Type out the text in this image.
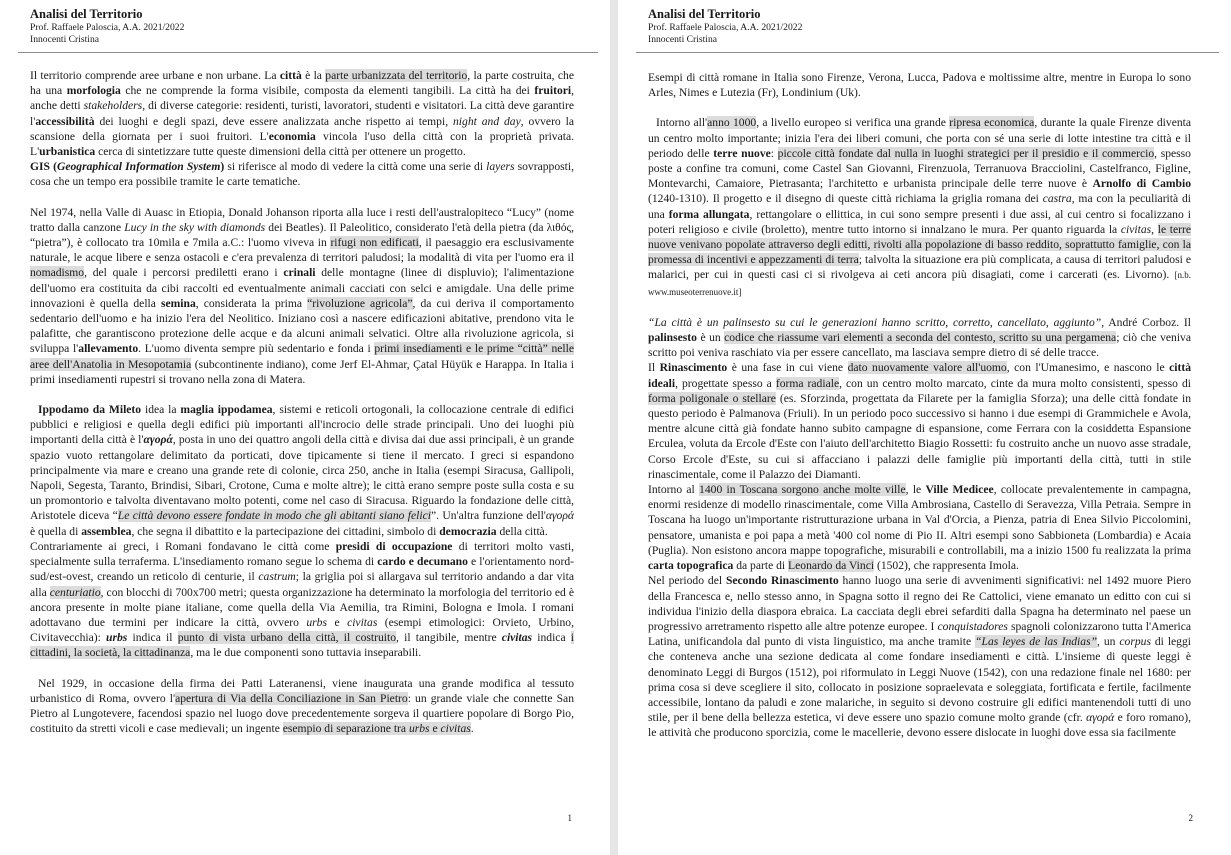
Analisi del Territorio
Prof. Raffaele Paloscia, A.A. 2021/2022
Innocenti Cristina

Il territorio comprende aree urbane e non urbane. La città è la parte urbanizzata del territorio, la parte costruita, che ha una morfologia che ne comprende la forma visibile, composta da elementi tangibili. La città ha dei fruitori, anche detti stakeholders, di diverse categorie: residenti, turisti, lavoratori, studenti e visitatori. La città deve garantire l'accessibilità dei luoghi e degli spazi, deve essere analizzata anche rispetto ai tempi, night and day, ovvero la scansione della giornata per i suoi fruitori. L'economia vincola l'uso della città con la proprietà privata. L'urbanistica cerca di sintetizzare tutte queste dimensioni della città per ottenere un progetto.

GIS (Geographical Information System) si riferisce al modo di vedere la città come una serie di layers sovrapposti, cosa che un tempo era possibile tramite le carte tematiche.

Nel 1974, nella Valle di Auasc in Etiopia, Donald Johanson riporta alla luce i resti dell'australopiteco “Lucy” (nome tratto dalla canzone Lucy in the sky with diamonds dei Beatles). Il Paleolitico, considerato l'età della pietra (da λιθός, “pietra”), è collocato tra 10mila e 7mila a.C.: l'uomo viveva in rifugi non edificati, il paesaggio era esclusivamente naturale, le acque libere e senza ostacoli e c'era prevalenza di territori paludosi; la modalità di vita per l'uomo era il nomadismo, del quale i percorsi prediletti erano i crinali delle montagne (linee di displuvio); l'alimentazione dell'uomo era costituita da cibi raccolti ed eventualmente animali cacciati con selci e amigdale. Una delle prime innovazioni è quella della semina, considerata la prima “rivoluzione agricola”, da cui deriva il comportamento sedentario dell'uomo e ha inizio l'era del Neolitico. Iniziano così a nascere edificazioni abitative, prendono vita le palafitte, che garantiscono protezione delle acque e da alcuni animali selvatici. Oltre alla rivoluzione agricola, si sviluppa l'allevamento. L'uomo diventa sempre più sedentario e fonda i primi insediamenti e le prime “città” nelle aree dell'Anatolia in Mesopotamia (subcontinente indiano), come Jerf El-Ahmar, Çatal Hüyük e Harappa. In Italia i primi insediamenti rupestri si trovano nella zona di Matera.

Ippodamo da Mileto idea la maglia ippodamea, sistemi e reticoli ortogonali, la collocazione centrale di edifici pubblici e religiosi e quella degli edifici più importanti all'incrocio delle strade principali. Uno dei luoghi più importanti della città è l'αγορά, posta in uno dei quattro angoli della città e divisa dai due assi principali, è un grande spazio vuoto rettangolare delimitato da porticati, dove tipicamente si tiene il mercato. I greci si espandono principalmente via mare e creano una grande rete di colonie, circa 250, anche in Italia (esempi Siracusa, Gallipoli, Napoli, Segesta, Taranto, Brindisi, Sibari, Crotone, Cuma e molte altre); le città erano sempre poste sulla costa e su un promontorio e talvolta diventavano molto potenti, come nel caso di Siracusa. Riguardo la fondazione delle città, Aristotele diceva “Le città devono essere fondate in modo che gli abitanti siano felici”. Un'altra funzione dell'αγορά è quella di assemblea, che segna il dibattito e la partecipazione dei cittadini, simbolo di democrazia della città.

Contrariamente ai greci, i Romani fondavano le città come presidi di occupazione di territori molto vasti, specialmente sulla terraferma. L'insediamento romano segue lo schema di cardo e decumano e l'orientamento nord-sud/est-ovest, creando un reticolo di centurie, il castrum; la griglia poi si allargava sul territorio andando a dar vita alla centuriatio, con blocchi di 700x700 metri; questa organizzazione ha determinato la morfologia del territorio ed è ancora presente in molte piane italiane, come quella della Via Aemilia, tra Rimini, Bologna e Imola. I romani adottavano due termini per indicare la città, ovvero urbs e civitas (esempi etimologici: Orvieto, Urbino, Civitavecchia): urbs indica il punto di vista urbano della città, il costruito, il tangibile, mentre civitas indica i cittadini, la società, la cittadinanza, ma le due componenti sono tuttavia inseparabili.

Nel 1929, in occasione della firma dei Patti Lateranensi, viene inaugurata una grande modifica al tessuto urbanistico di Roma, ovvero l'apertura di Via della Conciliazione in San Pietro: un grande viale che connette San Pietro al Lungotevere, facendosi spazio nel luogo dove precedentemente sorgeva il quartiere popolare di Borgo Pio, costituito da stretti vicoli e case medievali; un ingente esempio di separazione tra urbs e civitas.

1
Analisi del Territorio
Prof. Raffaele Paloscia, A.A. 2021/2022
Innocenti Cristina

Esempi di città romane in Italia sono Firenze, Verona, Lucca, Padova e moltissime altre, mentre in Europa lo sono Arles, Nimes e Lutezia (Fr), Londinium (Uk).

Intorno all'anno 1000, a livello europeo si verifica una grande ripresa economica, durante la quale Firenze diventa un centro molto importante; inizia l'era dei liberi comuni, che porta con sé una serie di lotte intestine tra città e il periodo delle terre nuove: piccole città fondate dal nulla in luoghi strategici per il presidio e il commercio, spesso poste a confine tra comuni, come Castel San Giovanni, Firenzuola, Terranuova Bracciolini, Castelfranco, Figline, Montevarchi, Camaiore, Pietrasanta; l'architetto e urbanista principale delle terre nuove è Arnolfo di Cambio (1240-1310). Il progetto e il disegno di queste città richiama la griglia romana dei castra, ma con la peculiarità di una forma allungata, rettangolare o ellittica, in cui sono sempre presenti i due assi, al cui centro si focalizzano i poteri religioso e civile (broletto), mentre tutto intorno si innalzano le mura. Per quanto riguarda la civitas, le terre nuove venivano popolate attraverso degli editti, rivolti alla popolazione di basso reddito, soprattutto famiglie, con la promessa di incentivi e appezzamenti di terra; talvolta la situazione era più complicata, a causa di territori paludosi e malarici, per cui in questi casi ci si rivolgeva ai ceti ancora più disagiati, come i carcerati (es. Livorno). [n.b. www.museoterrenuove.it]

“La città è un palinsesto su cui le generazioni hanno scritto, corretto, cancellato, aggiunto”, André Corboz. Il palinsesto è un codice che riassume vari elementi a seconda del contesto, scritto su una pergamena; ciò che veniva scritto poi veniva raschiato via per essere cancellato, ma lasciava sempre dietro di sé delle tracce.

Il Rinascimento è una fase in cui viene dato nuovamente valore all'uomo, con l'Umanesimo, e nascono le città ideali, progettate spesso a forma radiale, con un centro molto marcato, cinte da mura molto consistenti, spesso di forma poligonale o stellare (es. Sforzinda, progettata da Filarete per la famiglia Sforza); una delle città fondate in questo periodo è Palmanova (Friuli). In un periodo poco successivo si hanno i due esempi di Grammichele e Avola, mentre alcune città già fondate hanno subito campagne di espansione, come Ferrara con la cosiddetta Espansione Erculea, voluta da Ercole d'Este con l'aiuto dell'architetto Biagio Rossetti: fu costruito anche un nuovo asse stradale, Corso Ercole d'Este, su cui si affacciano i palazzi delle famiglie più importanti della città, tutti in stile rinascimentale, come il Palazzo dei Diamanti.

Intorno al 1400 in Toscana sorgono anche molte ville, le Ville Medicee, collocate prevalentemente in campagna, enormi residenze di modello rinascimentale, come Villa Ambrosiana, Castello di Seravezza, Villa Petraia. Sempre in Toscana ha luogo un'importante ristrutturazione urbana in Val d'Orcia, a Pienza, patria di Enea Silvio Piccolomini, pensatore, umanista e poi papa a metà '400 col nome di Pio II. Altri esempi sono Sabbioneta (Lombardia) e Acaia (Puglia). Non esistono ancora mappe topografiche, misurabili e controllabili, ma a inizio 1500 fu realizzata la prima carta topografica da parte di Leonardo da Vinci (1502), che rappresenta Imola.

Nel periodo del Secondo Rinascimento hanno luogo una serie di avvenimenti significativi: nel 1492 muore Piero della Francesca e, nello stesso anno, in Spagna sotto il regno dei Re Cattolici, viene emanato un editto con cui si individua l'inizio della diaspora ebraica. La cacciata degli ebrei sefarditi dalla Spagna ha determinato nel paese un progressivo arretramento rispetto alle altre potenze europee. I conquistadores spagnoli colonizzarono tutta l'America Latina, unificandola dal punto di vista linguistico, ma anche tramite “Las leyes de las Indias”, un corpus di leggi che conteneva anche una sezione dedicata al come fondare insediamenti e città. L'insieme di queste leggi è denominato Leggi di Burgos (1512), poi riformulato in Leggi Nuove (1542), con una redazione finale nel 1680: per prima cosa si deve scegliere il sito, collocato in posizione sopraelevata e soleggiata, fortificata e fertile, facilmente accessibile, lontano da paludi e zone malariche, in seguito si devono costruire gli edifici mantenendoli tutti di uno stile, per il bene della bellezza estetica, vi deve essere uno spazio comune molto grande (cfr. αγορά e foro romano), le attività che producono sporcizia, come le macellerie, devono essere dislocate in luoghi dove essa sia facilmente

2
